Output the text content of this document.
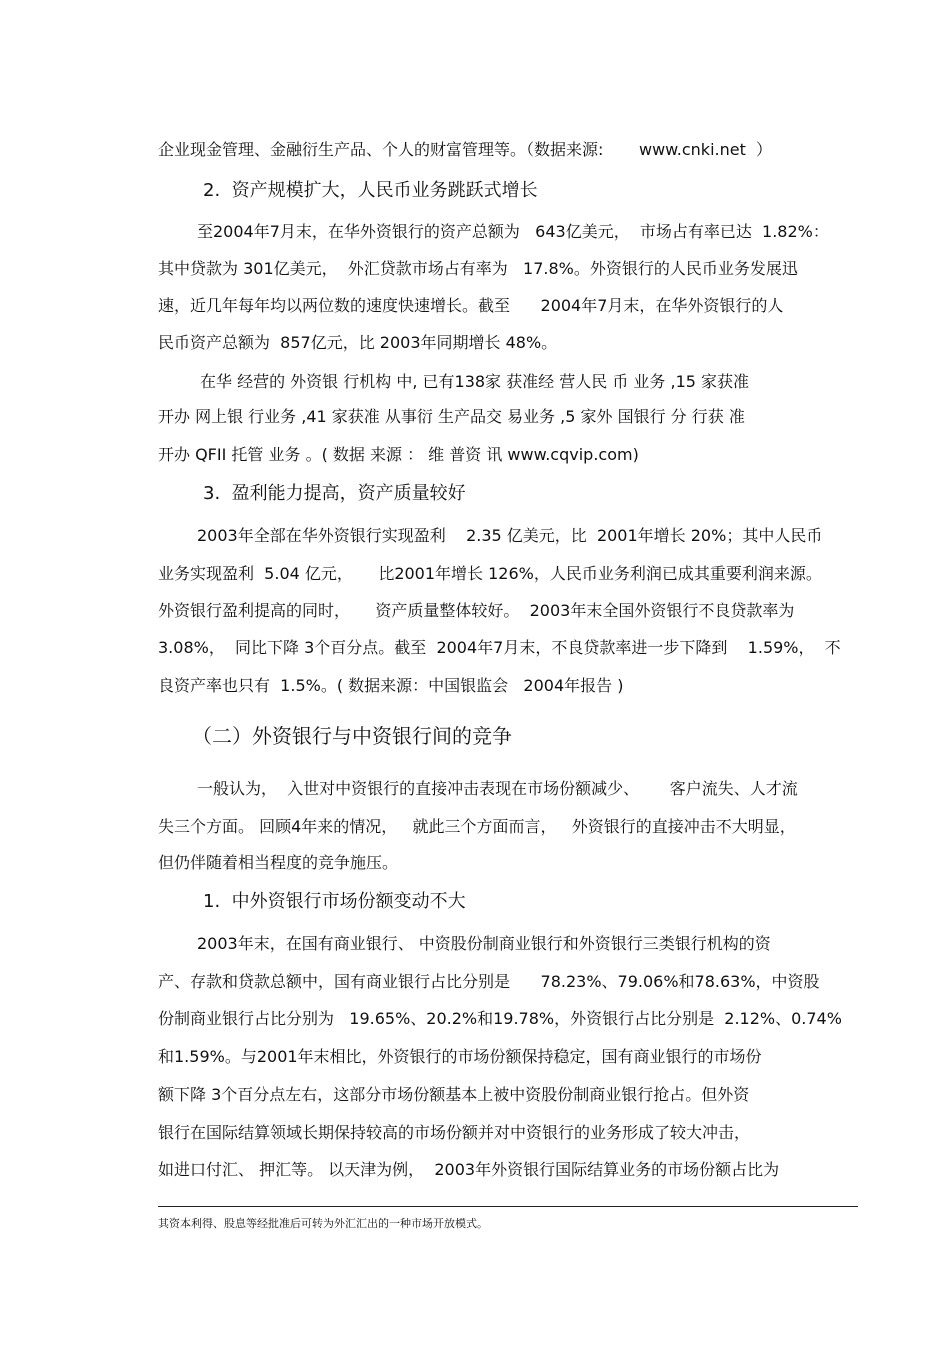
企业现金管理、金融衍生产品、个人的财富管理等。（数据来源:       www.cnki.net  ）
2.  资产规模扩大，人民币业务跳跃式增长
至2004年7月末，在华外资银行的资产总额为   643亿美元，  市场占有率已达  1.82%：
其中贷款为 301亿美元，  外汇贷款市场占有率为   17.8%。外资银行的人民币业务发展迅
速，近几年每年均以两位数的速度快速增长。截至      2004年7月末，在华外资银行的人
民币资产总额为  857亿元，比 2003年同期增长 48%。
在华 经营的 外资银 行机构 中, 已有138家 获准经 营人民 币 业务 ,15 家获准
开办 网上银 行业务 ,41 家获准 从事衍 生产品交 易业务 ,5 家外 国银行 分 行获 准
开办 QFII 托管 业务 。( 数据 来源 ： 维 普资 讯 www.cqvip.com)
3.  盈利能力提高，资产质量较好
2003年全部在华外资银行实现盈利    2.35 亿美元，比  2001年增长 20%；其中人民币
业务实现盈利  5.04 亿元，     比2001年增长 126%，人民币业务利润已成其重要利润来源。
外资银行盈利提高的同时，     资产质量整体较好。  2003年末全国外资银行不良贷款率为
3.08%，  同比下降 3个百分点。截至  2004年7月末，不良贷款率进一步下降到    1.59%，  不
良资产率也只有  1.5%。( 数据来源：中国银监会   2004年报告 )
（二）外资银行与中资银行间的竞争
一般认为，  入世对中资银行的直接冲击表现在市场份额减少、      客户流失、人才流
失三个方面。 回顾4年来的情况，   就此三个方面而言，   外资银行的直接冲击不大明显，
但仍伴随着相当程度的竞争施压。
1.  中外资银行市场份额变动不大
2003年末，在国有商业银行、 中资股份制商业银行和外资银行三类银行机构的资
产、存款和贷款总额中，国有商业银行占比分别是      78.23%、79.06%和78.63%，中资股
份制商业银行占比分别为   19.65%、20.2%和19.78%，外资银行占比分别是  2.12%、0.74%
和1.59%。与2001年末相比，外资银行的市场份额保持稳定，国有商业银行的市场份
额下降 3个百分点左右，这部分市场份额基本上被中资股份制商业银行抢占。但外资
银行在国际结算领域长期保持较高的市场份额并对中资银行的业务形成了较大冲击，
如进口付汇、 押汇等。 以天津为例，  2003年外资银行国际结算业务的市场份额占比为
其资本利得、股息等经批准后可转为外汇汇出的一种市场开放模式。
